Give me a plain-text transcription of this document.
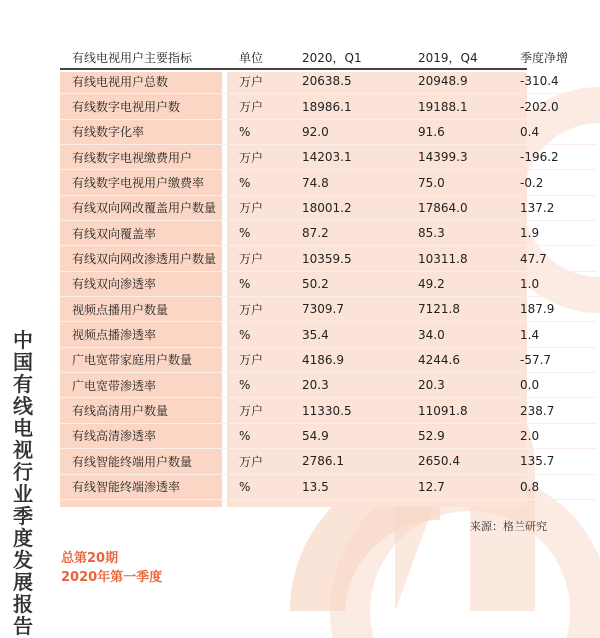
有线电视用户主要指标	单位	2020，Q1	2019，Q4	季度净增
有线电视用户总数	万户	20638.5	20948.9	-310.4
有线数字电视用户数	万户	18986.1	19188.1	-202.0
有线数字化率	%	92.0	91.6	0.4
有线数字电视缴费用户	万户	14203.1	14399.3	-196.2
有线数字电视用户缴费率	%	74.8	75.0	-0.2
有线双向网改覆盖用户数量	万户	18001.2	17864.0	137.2
有线双向覆盖率	%	87.2	85.3	1.9
有线双向网改渗透用户数量	万户	10359.5	10311.8	47.7
有线双向渗透率	%	50.2	49.2	1.0
视频点播用户数量	万户	7309.7	7121.8	187.9
视频点播渗透率	%	35.4	34.0	1.4
广电宽带家庭用户数量	万户	4186.9	4244.6	-57.7
广电宽带渗透率	%	20.3	20.3	0.0
有线高清用户数量	万户	11330.5	11091.8	238.7
有线高清渗透率	%	54.9	52.9	2.0
有线智能终端用户数量	万户	2786.1	2650.4	135.7
有线智能终端渗透率	%	13.5	12.7	0.8
来源：格兰研究
中国有线电视行业季度发展报告
总第20期
2020年第一季度
